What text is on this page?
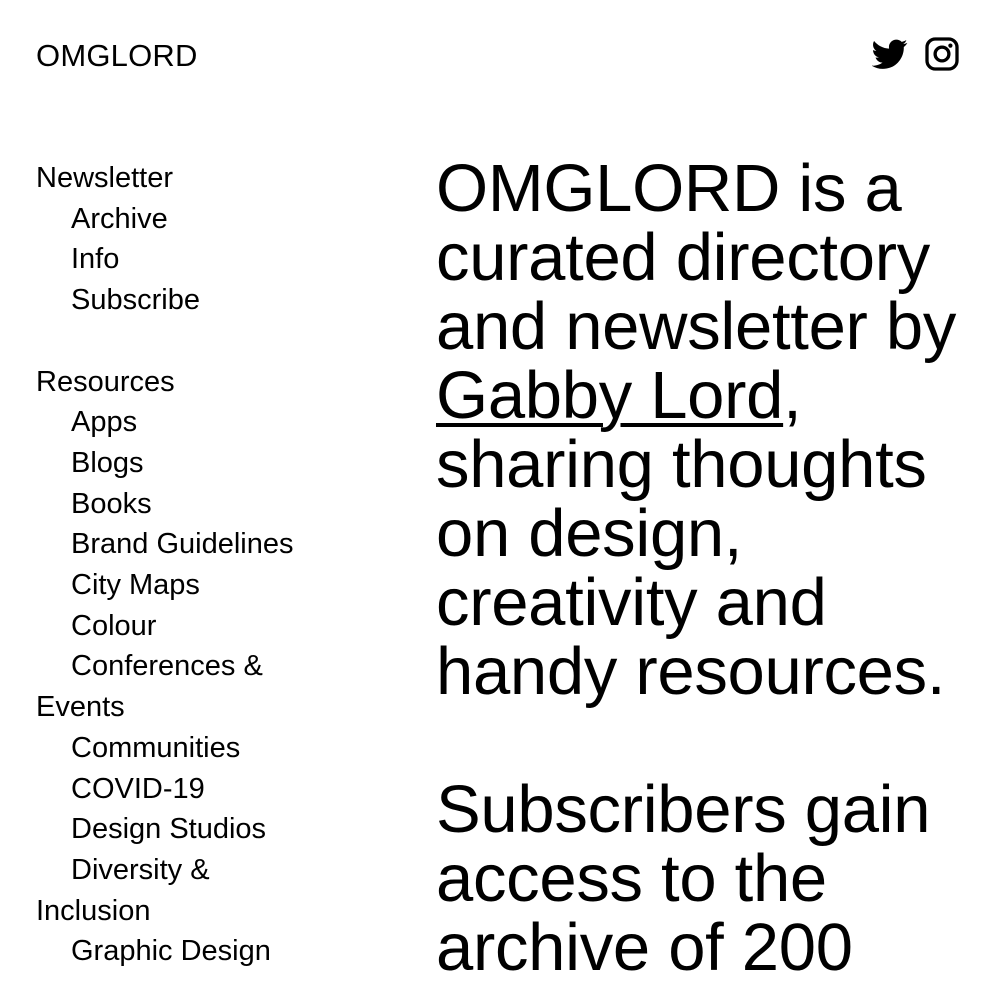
OMGLORD
Newsletter
Archive
Info
Subscribe
Resources
Apps
Blogs
Books
Brand Guidelines
City Maps
Colour
Conferences & Events
Communities
COVID-19
Design Studios
Diversity & Inclusion
Graphic Design

OMGLORD is a curated directory and newsletter by Gabby Lord, sharing thoughts on design, creativity and handy resources.

Subscribers gain access to the archive of 200
